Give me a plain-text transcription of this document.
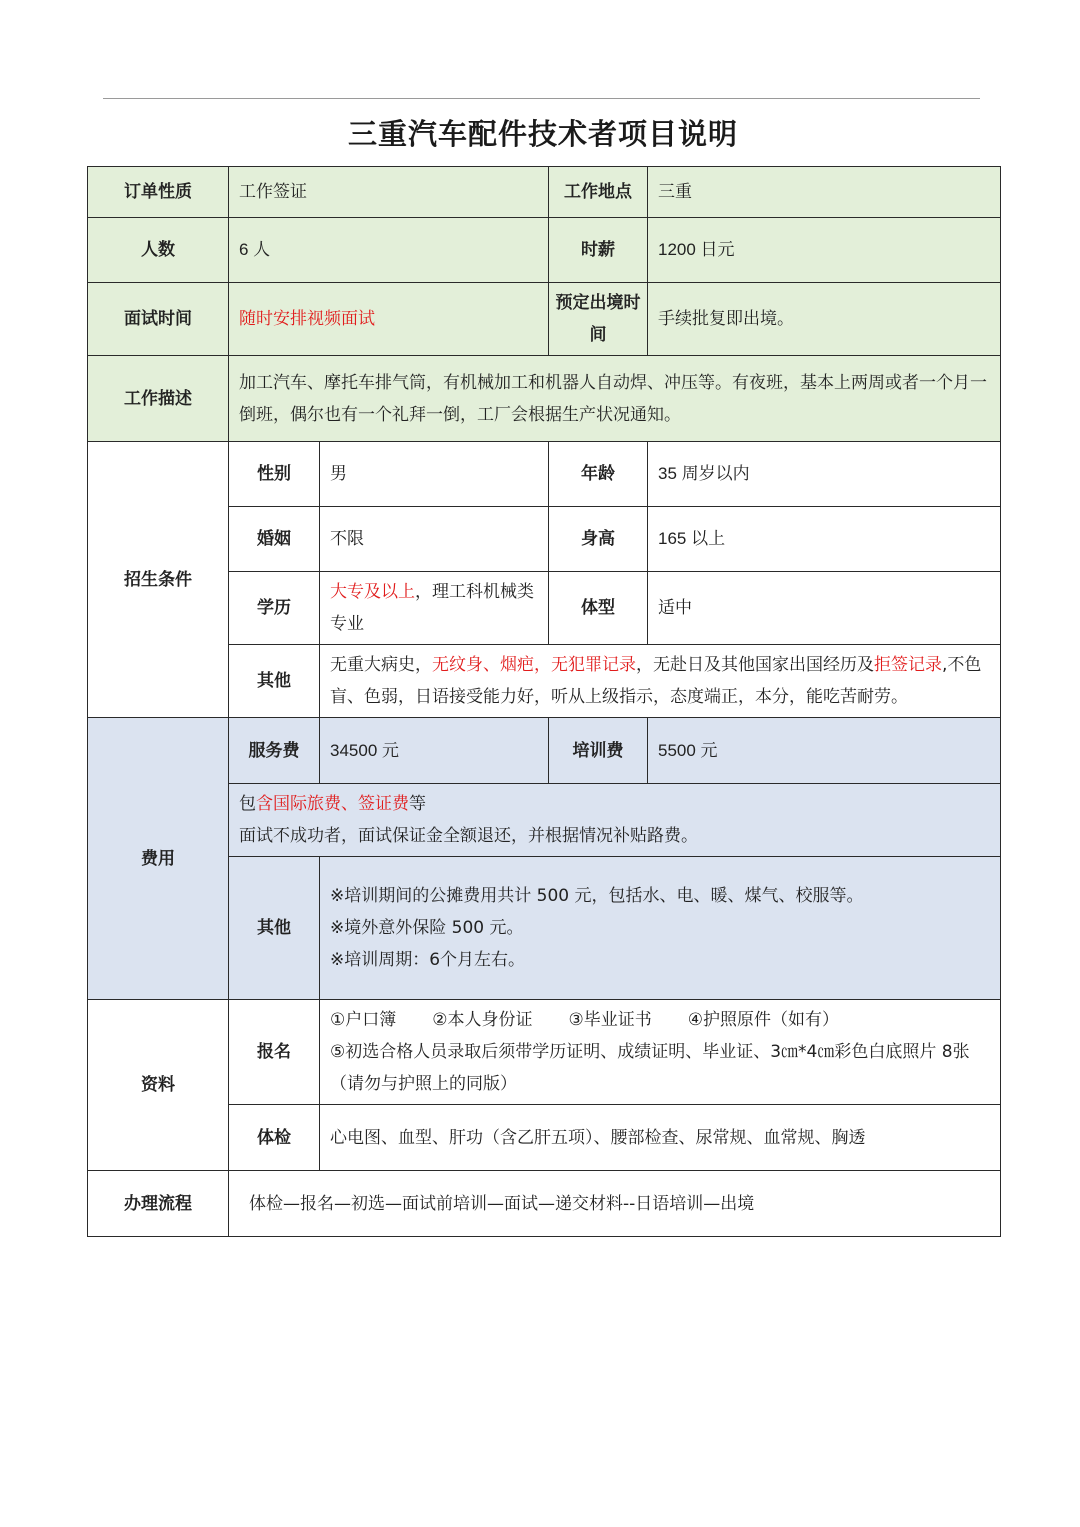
三重汽车配件技术者项目说明
订单性质	工作签证		工作地点	三重
人数	6 人		时薪	1200 日元
面试时间	随时安排视频面试		预定出境时间	手续批复即出境。
工作描述	加工汽车、摩托车排气筒，有机械加工和机器人自动焊、冲压等。有夜班，基本上两周或者一个月一倒班，偶尔也有一个礼拜一倒，工厂会根据生产状况通知。			
招生条件	性别	男	年龄	35 周岁以内
	婚姻	不限	身高	165 以上
	学历	大专及以上，理工科机械类专业	体型	适中
	其他	无重大病史，无纹身、烟疤，无犯罪记录，无赴日及其他国家出国经历及拒签记录,不色盲、色弱，日语接受能力好，听从上级指示，态度端正，本分，能吃苦耐劳。		
费用	服务费	34500 元	培训费	5500 元

	包含国际旅费、签证费等
面试不成功者，面试保证金全额退还，并根据情况补贴路费。			

	其他	※培训期间的公摊费用共计 500 元，包括水、电、暖、煤气、校服等。
※境外意外保险 500 元。
※培训周期：6个月左右。		

资料	报名	①户口簿 ②本人身份证 ③毕业证书 ④护照原件（如有）
⑤初选合格人员录取后须带学历证明、成绩证明、毕业证、3㎝*4㎝彩色白底照片 8张（请勿与护照上的同版）		

	体检	心电图、血型、肝功（含乙肝五项）、腰部检查、尿常规、血常规、胸透		
办理流程	体检—报名—初选—面试前培训—面试—递交材料--日语培训—出境			
